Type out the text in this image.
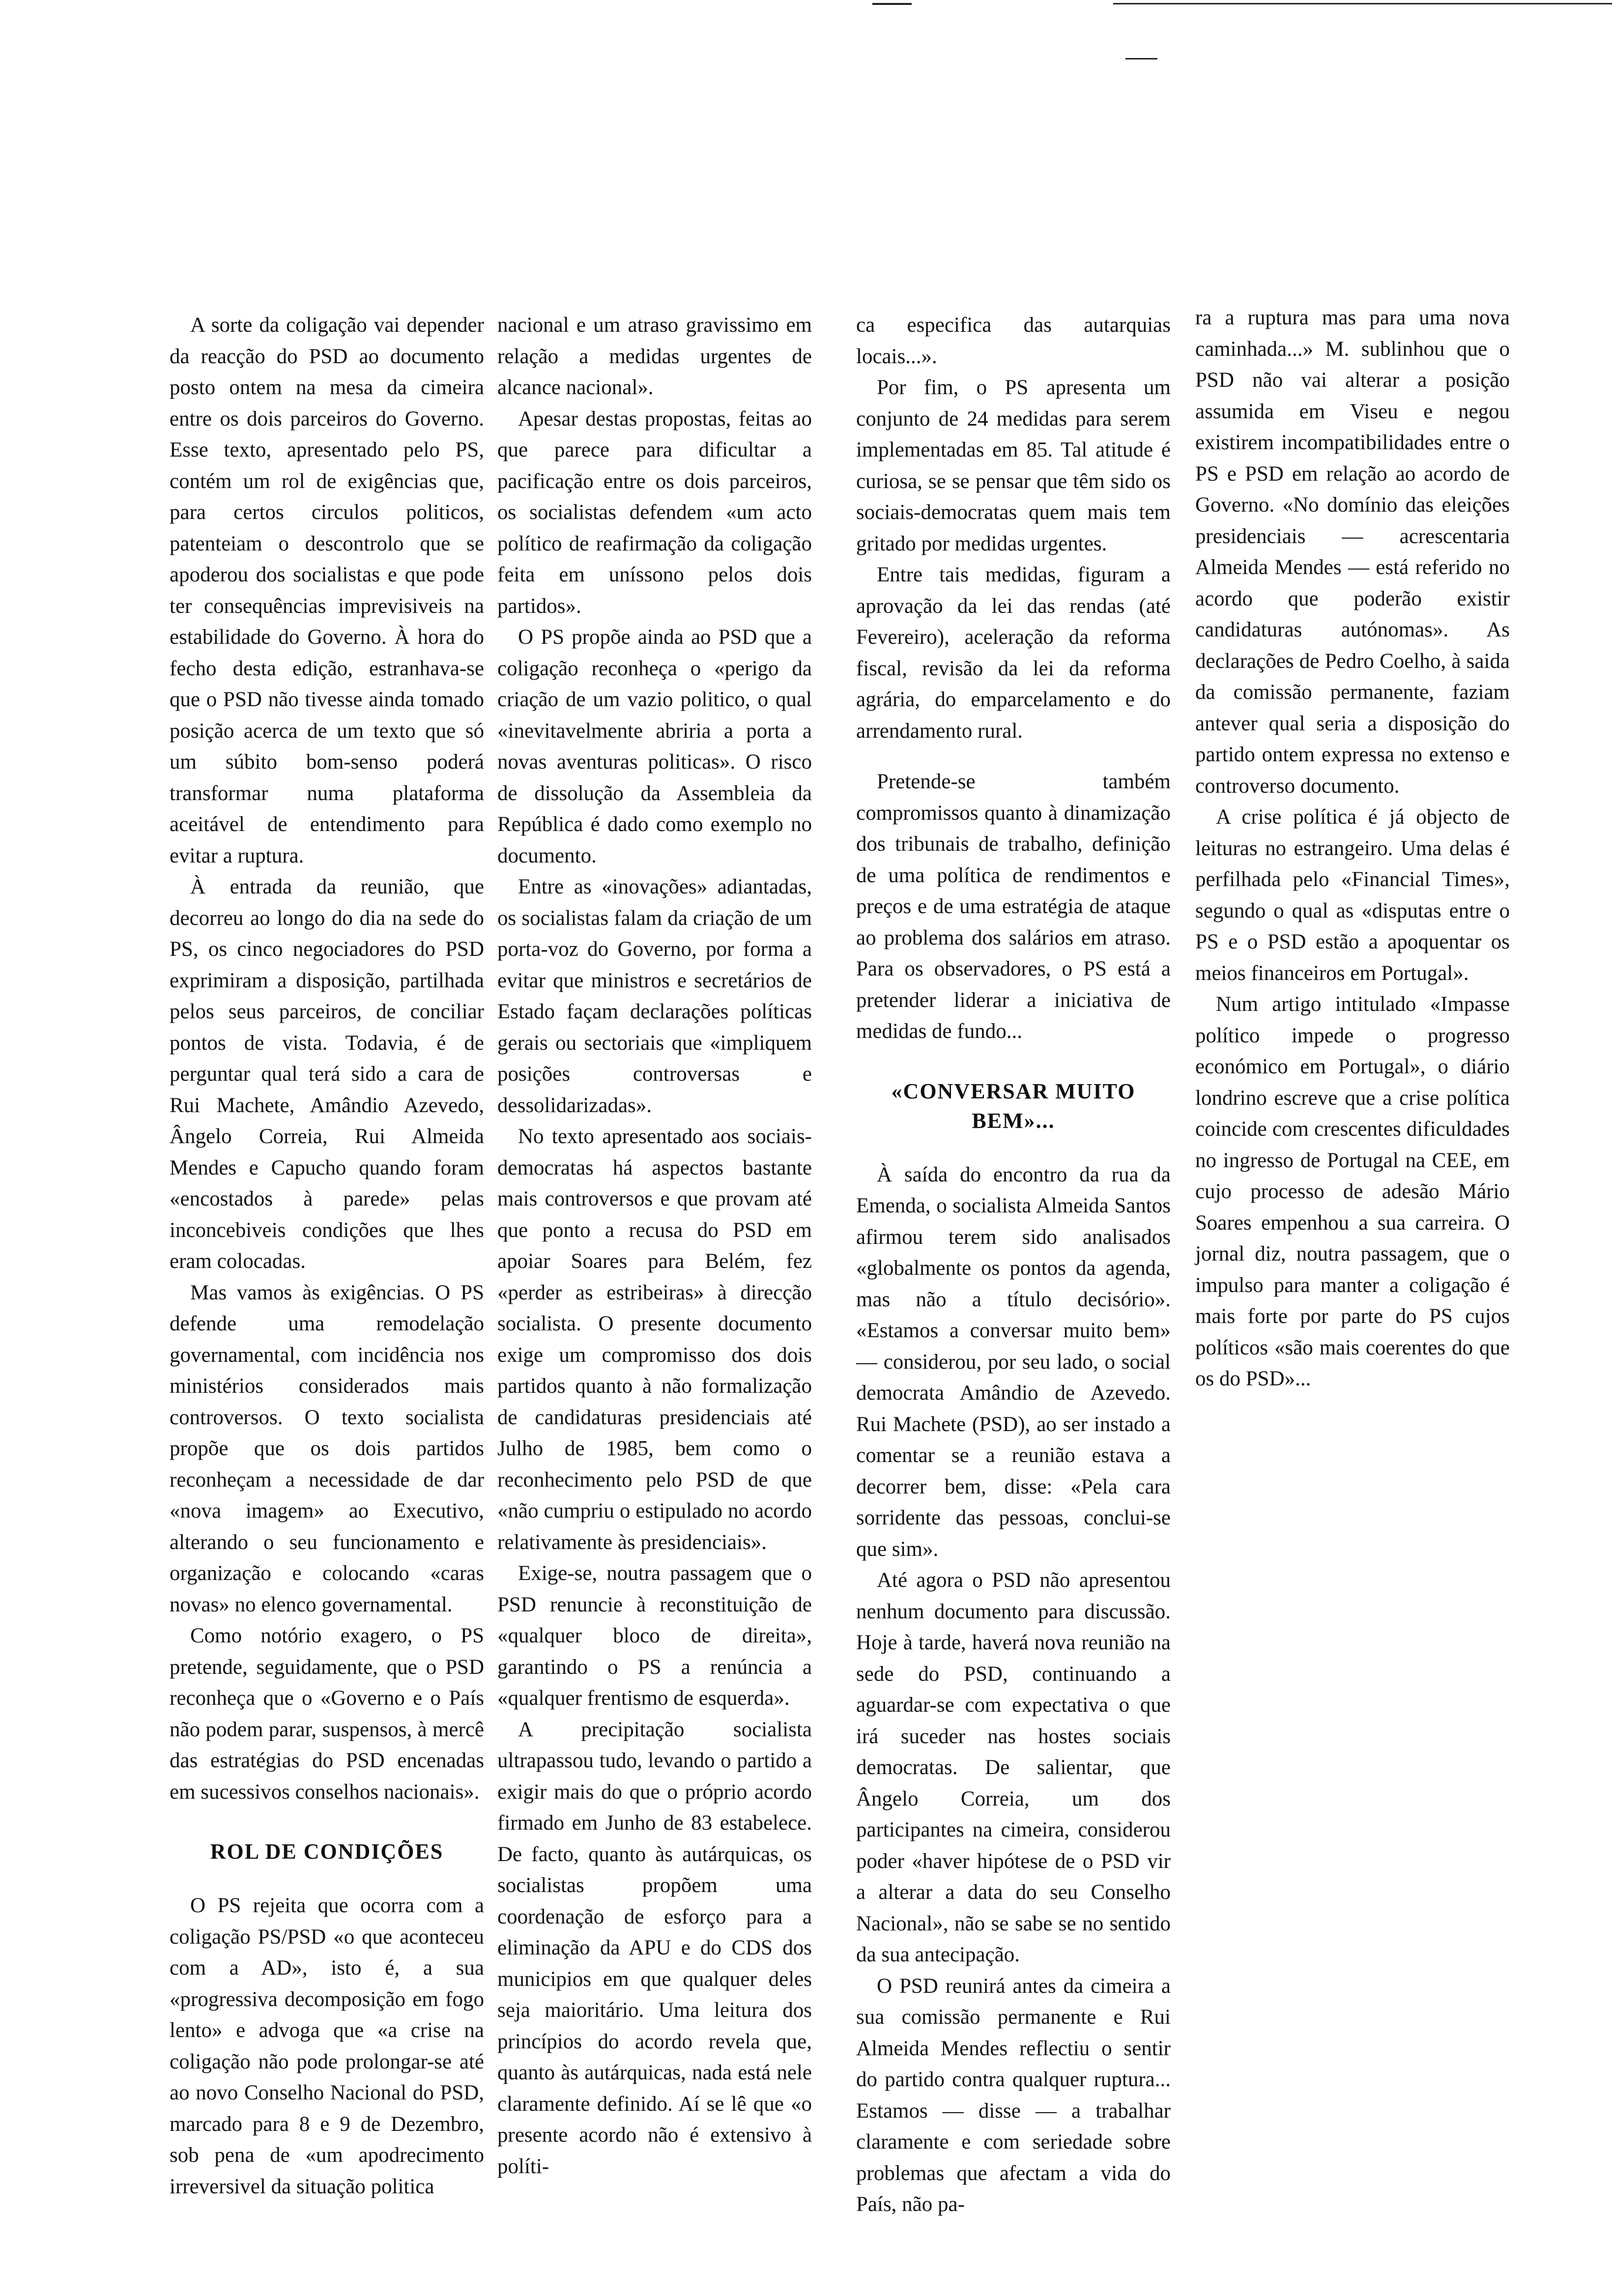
A sorte da coligação vai depender da reacção do PSD ao documento posto ontem na mesa da cimeira entre os dois parceiros do Governo. Esse texto, apresentado pelo PS, contém um rol de exigências que, para certos circulos politicos, patenteiam o descontrolo que se apoderou dos socialistas e que pode ter consequências imprevisiveis na estabilidade do Governo. À hora do fecho desta edição, estranhava-se que o PSD não tivesse ainda tomado posição acerca de um texto que só um súbito bom-senso poderá transformar numa plataforma aceitável de entendimento para evitar a ruptura.

À entrada da reunião, que decorreu ao longo do dia na sede do PS, os cinco negociadores do PSD exprimiram a disposição, partilhada pelos seus parceiros, de conciliar pontos de vista. Todavia, é de perguntar qual terá sido a cara de Rui Machete, Amândio Azevedo, Ângelo Correia, Rui Almeida Mendes e Capucho quando foram «encostados à parede» pelas inconcebiveis condições que lhes eram colocadas.

Mas vamos às exigências. O PS defende uma remodelação governamental, com incidência nos ministérios considerados mais controversos. O texto socialista propõe que os dois partidos reconheçam a necessidade de dar «nova imagem» ao Executivo, alterando o seu funcionamento e organização e colocando «caras novas» no elenco governamental.

Como notório exagero, o PS pretende, seguidamente, que o PSD reconheça que o «Governo e o País não podem parar, suspensos, à mercê das estratégias do PSD encenadas em sucessivos conselhos nacionais».

ROL DE CONDIÇÕES

O PS rejeita que ocorra com a coligação PS/PSD «o que aconteceu com a AD», isto é, a sua «progressiva decomposição em fogo lento» e advoga que «a crise na coligação não pode prolongar-se até ao novo Conselho Nacional do PSD, marcado para 8 e 9 de Dezembro, sob pena de «um apodrecimento irreversivel da situação politica

nacional e um atraso gravissimo em relação a medidas urgentes de alcance nacional».

Apesar destas propostas, feitas ao que parece para dificultar a pacificação entre os dois parceiros, os socialistas defendem «um acto político de reafirmação da coligação feita em uníssono pelos dois partidos».

O PS propõe ainda ao PSD que a coligação reconheça o «perigo da criação de um vazio politico, o qual «inevitavelmente abriria a porta a novas aventuras politicas». O risco de dissolução da Assembleia da República é dado como exemplo no documento.

Entre as «inovações» adiantadas, os socialistas falam da criação de um porta-voz do Governo, por forma a evitar que ministros e secretários de Estado façam declarações políticas gerais ou sectoriais que «impliquem posições controversas e dessolidarizadas».

No texto apresentado aos sociais-democratas há aspectos bastante mais controversos e que provam até que ponto a recusa do PSD em apoiar Soares para Belém, fez «perder as estribeiras» à direcção socialista. O presente documento exige um compromisso dos dois partidos quanto à não formalização de candidaturas presidenciais até Julho de 1985, bem como o reconhecimento pelo PSD de que «não cumpriu o estipulado no acordo relativamente às presidenciais».

Exige-se, noutra passagem que o PSD renuncie à reconstituição de «qualquer bloco de direita», garantindo o PS a renúncia a «qualquer frentismo de esquerda».

A precipitação socialista ultrapassou tudo, levando o partido a exigir mais do que o próprio acordo firmado em Junho de 83 estabelece. De facto, quanto às autárquicas, os socialistas propõem uma coordenação de esforço para a eliminação da APU e do CDS dos municipios em que qualquer deles seja maioritário. Uma leitura dos princípios do acordo revela que, quanto às autárquicas, nada está nele claramente definido. Aí se lê que «o presente acordo não é extensivo à políti-

ca especifica das autarquias locais...».

Por fim, o PS apresenta um conjunto de 24 medidas para serem implementadas em 85. Tal atitude é curiosa, se se pensar que têm sido os sociais-democratas quem mais tem gritado por medidas urgentes.

Entre tais medidas, figuram a aprovação da lei das rendas (até Fevereiro), aceleração da reforma fiscal, revisão da lei da reforma agrária, do emparcelamento e do arrendamento rural.

Pretende-se também compromissos quanto à dinamização dos tribunais de trabalho, definição de uma política de rendimentos e preços e de uma estratégia de ataque ao problema dos salários em atraso. Para os observadores, o PS está a pretender liderar a iniciativa de medidas de fundo...

«CONVERSAR MUITO BEM»...

À saída do encontro da rua da Emenda, o socialista Almeida Santos afirmou terem sido analisados «globalmente os pontos da agenda, mas não a título decisório». «Estamos a conversar muito bem» — considerou, por seu lado, o social democrata Amândio de Azevedo. Rui Machete (PSD), ao ser instado a comentar se a reunião estava a decorrer bem, disse: «Pela cara sorridente das pessoas, conclui-se que sim».

Até agora o PSD não apresentou nenhum documento para discussão. Hoje à tarde, haverá nova reunião na sede do PSD, continuando a aguardar-se com expectativa o que irá suceder nas hostes sociais democratas. De salientar, que Ângelo Correia, um dos participantes na cimeira, considerou poder «haver hipótese de o PSD vir a alterar a data do seu Conselho Nacional», não se sabe se no sentido da sua antecipação.

O PSD reunirá antes da cimeira a sua comissão permanente e Rui Almeida Mendes reflectiu o sentir do partido contra qualquer ruptura... Estamos — disse — a trabalhar claramente e com seriedade sobre problemas que afectam a vida do País, não pa-

ra a ruptura mas para uma nova caminhada...» M. sublinhou que o PSD não vai alterar a posição assumida em Viseu e negou existirem incompatibilidades entre o PS e PSD em relação ao acordo de Governo. «No domínio das eleições presidenciais — acrescentaria Almeida Mendes — está referido no acordo que poderão existir candidaturas autónomas». As declarações de Pedro Coelho, à saida da comissão permanente, faziam antever qual seria a disposição do partido ontem expressa no extenso e controverso documento.

A crise política é já objecto de leituras no estrangeiro. Uma delas é perfilhada pelo «Financial Times», segundo o qual as «disputas entre o PS e o PSD estão a apoquentar os meios financeiros em Portugal».

Num artigo intitulado «Impasse político impede o progresso económico em Portugal», o diário londrino escreve que a crise política coincide com crescentes dificuldades no ingresso de Portugal na CEE, em cujo processo de adesão Mário Soares empenhou a sua carreira. O jornal diz, noutra passagem, que o impulso para manter a coligação é mais forte por parte do PS cujos políticos «são mais coerentes do que os do PSD»...
